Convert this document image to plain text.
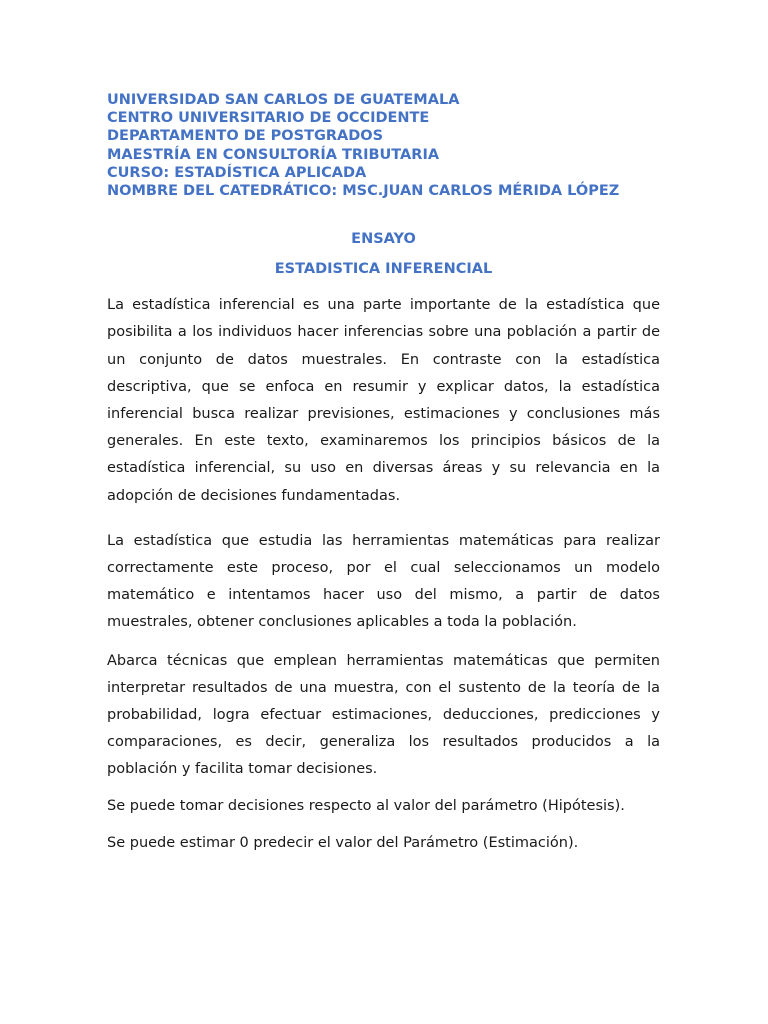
UNIVERSIDAD SAN CARLOS DE GUATEMALA
CENTRO UNIVERSITARIO DE OCCIDENTE
DEPARTAMENTO DE POSTGRADOS
MAESTRÍA EN CONSULTORÍA TRIBUTARIA
CURSO: ESTADÍSTICA APLICADA
NOMBRE DEL CATEDRÁTICO: MSC.JUAN CARLOS MÉRIDA LÓPEZ

ENSAYO

ESTADISTICA INFERENCIAL

La estadística inferencial es una parte importante de la estadística que posibilita a los individuos hacer inferencias sobre una población a partir de un conjunto de datos muestrales. En contraste con la estadística descriptiva, que se enfoca en resumir y explicar datos, la estadística inferencial busca realizar previsiones, estimaciones y conclusiones más generales. En este texto, examinaremos los principios básicos de la estadística inferencial, su uso en diversas áreas y su relevancia en la adopción de decisiones fundamentadas.

La estadística que estudia las herramientas matemáticas para realizar correctamente este proceso, por el cual seleccionamos un modelo matemático e intentamos hacer uso del mismo, a partir de datos muestrales, obtener conclusiones aplicables a toda la población.

Abarca técnicas que emplean herramientas matemáticas que permiten interpretar resultados de una muestra, con el sustento de la teoría de la probabilidad, logra efectuar estimaciones, deducciones, predicciones y comparaciones, es decir, generaliza los resultados producidos a la población y facilita tomar decisiones.

Se puede tomar decisiones respecto al valor del parámetro (Hipótesis).

Se puede estimar 0 predecir el valor del Parámetro (Estimación).
